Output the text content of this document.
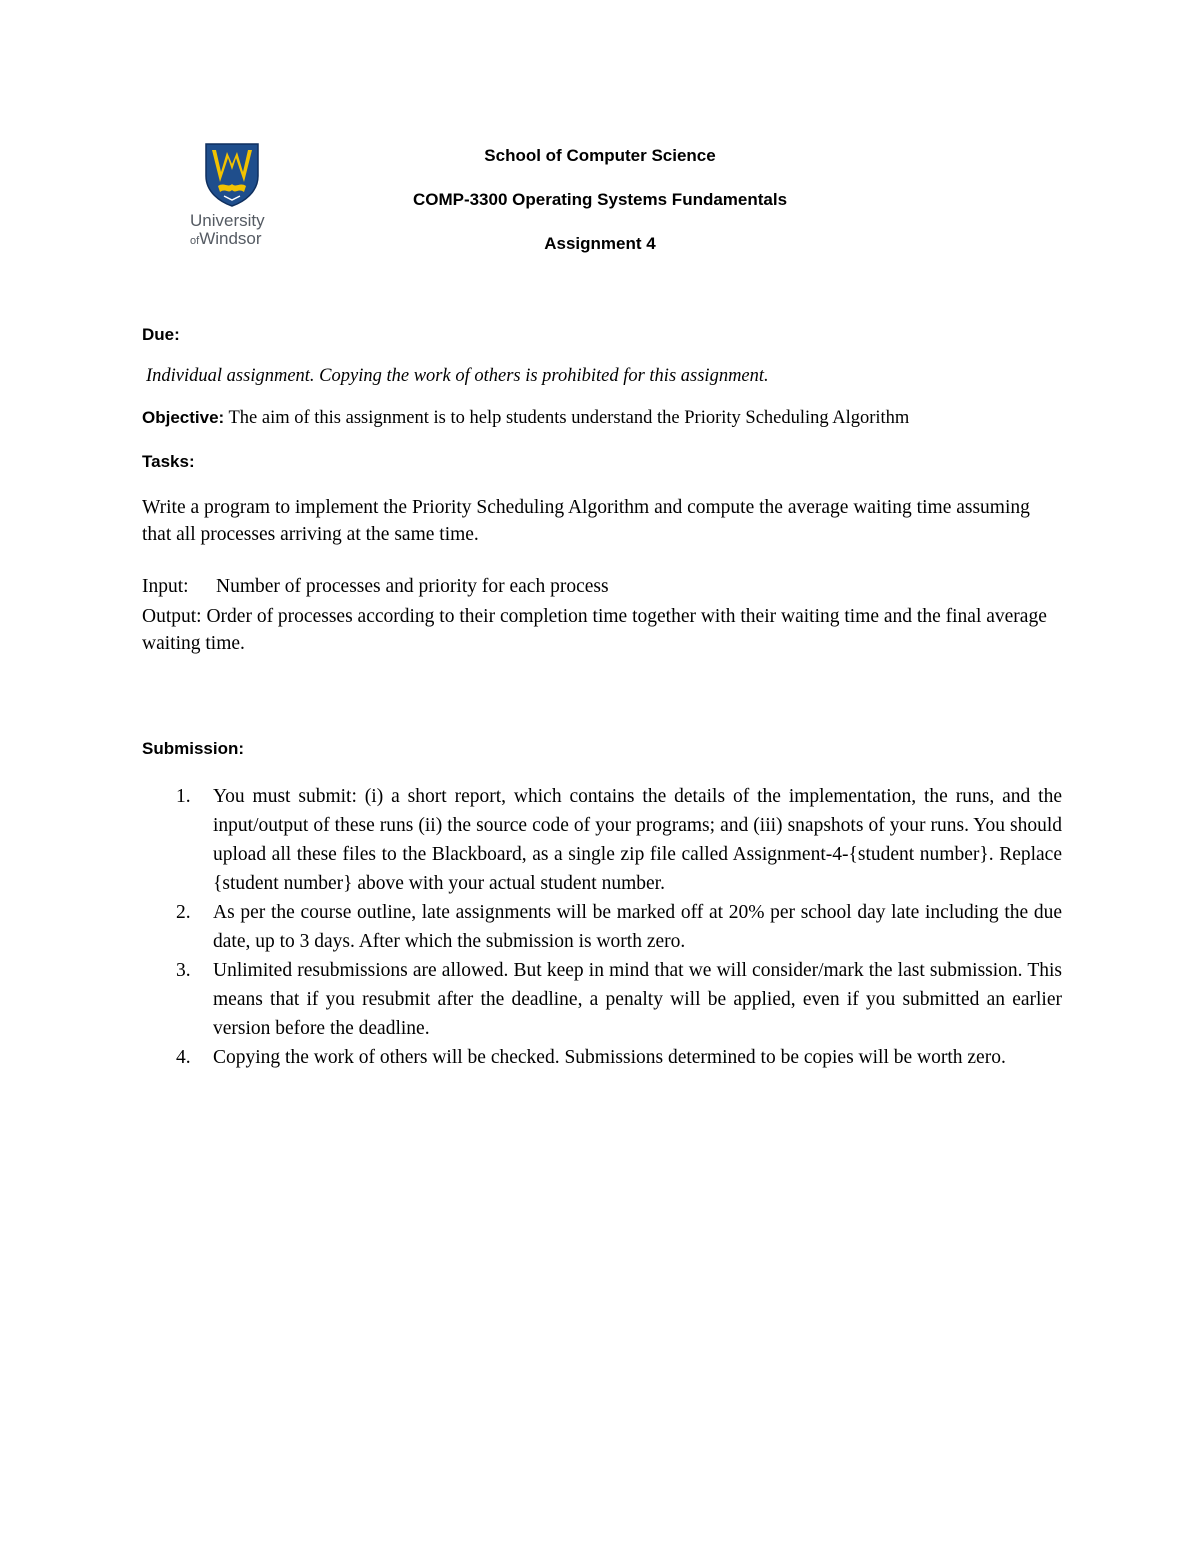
University
ofWindsor
School of Computer Science
COMP-3300 Operating Systems Fundamentals
Assignment 4
Due:
Individual assignment. Copying the work of others is prohibited for this assignment.
Objective: The aim of this assignment is to help students understand the Priority Scheduling Algorithm
Tasks:
Write a program to implement the Priority Scheduling Algorithm and compute the average waiting time assuming that all processes arriving at the same time.
Input: Number of processes and priority for each process
Output: Order of processes according to their completion time together with their waiting time and the final average waiting time.
Submission:
1. You must submit: (i) a short report, which contains the details of the implementation, the runs, and the input/output of these runs (ii) the source code of your programs; and (iii) snapshots of your runs. You should upload all these files to the Blackboard, as a single zip file called Assignment-4-{student number}. Replace {student number} above with your actual student number.
2. As per the course outline, late assignments will be marked off at 20% per school day late including the due date, up to 3 days. After which the submission is worth zero.
3. Unlimited resubmissions are allowed. But keep in mind that we will consider/mark the last submission. This means that if you resubmit after the deadline, a penalty will be applied, even if you submitted an earlier version before the deadline.
4. Copying the work of others will be checked. Submissions determined to be copies will be worth zero.
